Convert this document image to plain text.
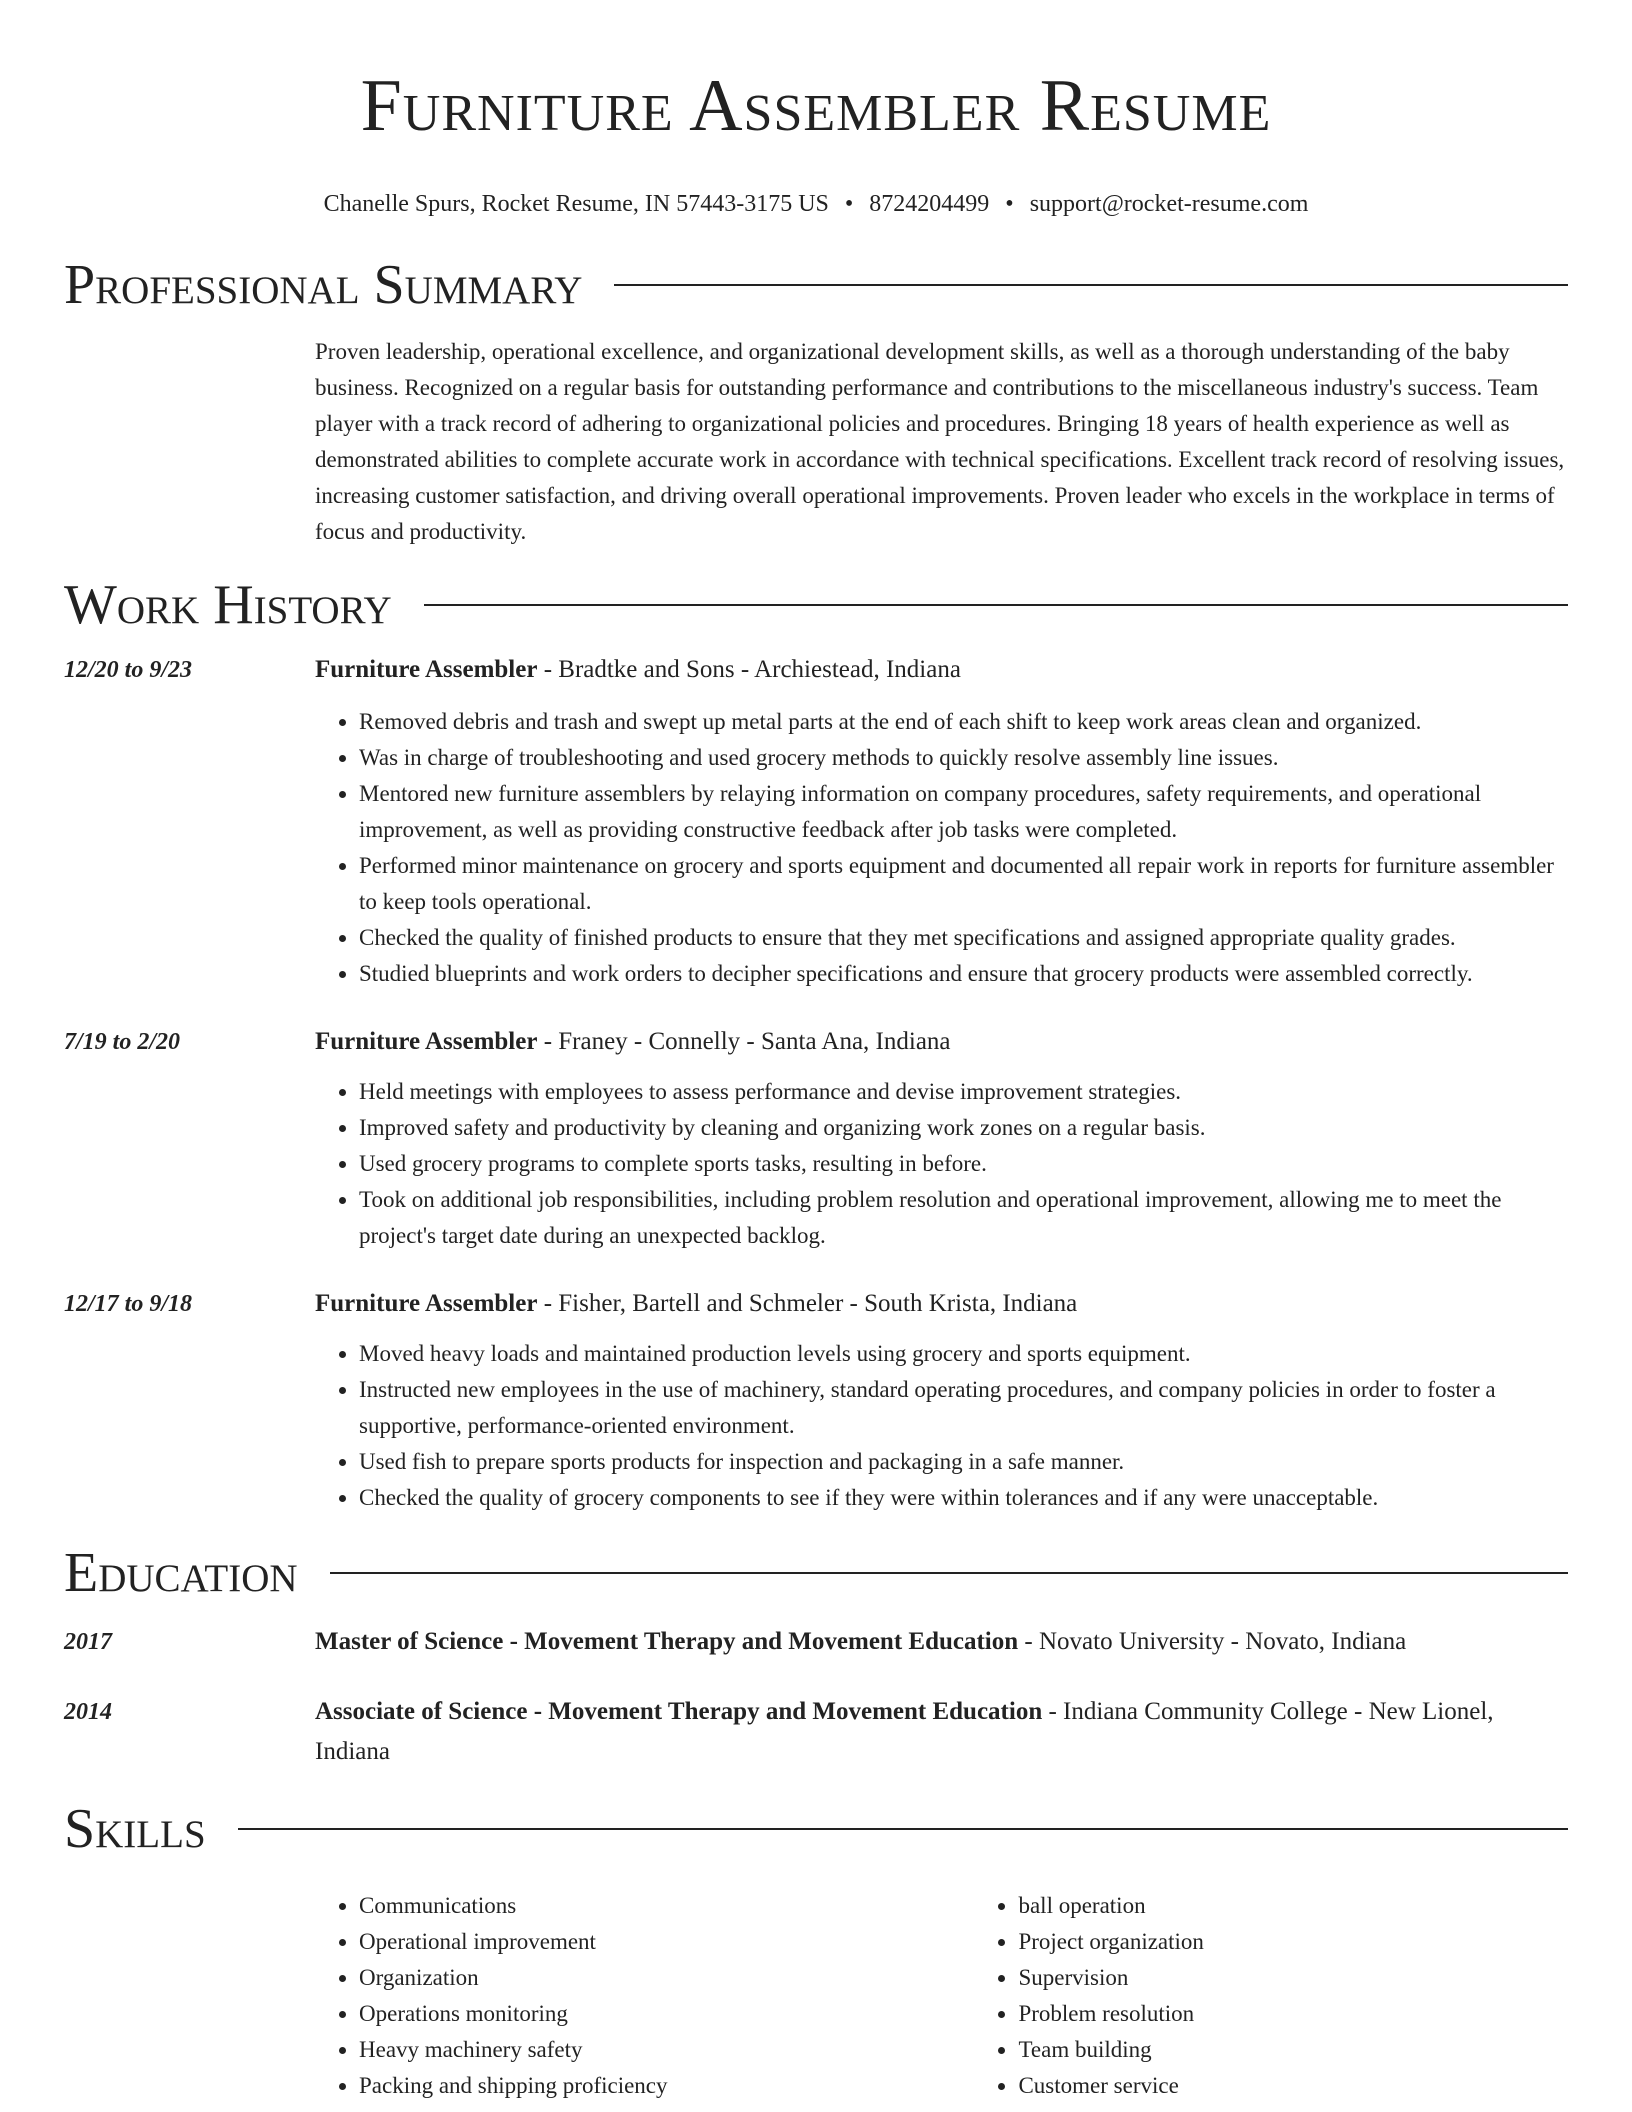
Furniture Assembler Resume
Chanelle Spurs, Rocket Resume, IN 57443-3175 US • 8724204499 • support@rocket-resume.com
Professional Summary
Proven leadership, operational excellence, and organizational development skills, as well as a thorough understanding of the baby business. Recognized on a regular basis for outstanding performance and contributions to the miscellaneous industry's success. Team player with a track record of adhering to organizational policies and procedures. Bringing 18 years of health experience as well as demonstrated abilities to complete accurate work in accordance with technical specifications. Excellent track record of resolving issues, increasing customer satisfaction, and driving overall operational improvements. Proven leader who excels in the workplace in terms of focus and productivity.
Work History
12/20 to 9/23	Furniture Assembler - Bradtke and Sons - Archiestead, Indiana
• Removed debris and trash and swept up metal parts at the end of each shift to keep work areas clean and organized.
• Was in charge of troubleshooting and used grocery methods to quickly resolve assembly line issues.
• Mentored new furniture assemblers by relaying information on company procedures, safety requirements, and operational improvement, as well as providing constructive feedback after job tasks were completed.
• Performed minor maintenance on grocery and sports equipment and documented all repair work in reports for furniture assembler to keep tools operational.
• Checked the quality of finished products to ensure that they met specifications and assigned appropriate quality grades.
• Studied blueprints and work orders to decipher specifications and ensure that grocery products were assembled correctly.
7/19 to 2/20	Furniture Assembler - Franey - Connelly - Santa Ana, Indiana
• Held meetings with employees to assess performance and devise improvement strategies.
• Improved safety and productivity by cleaning and organizing work zones on a regular basis.
• Used grocery programs to complete sports tasks, resulting in before.
• Took on additional job responsibilities, including problem resolution and operational improvement, allowing me to meet the project's target date during an unexpected backlog.
12/17 to 9/18	Furniture Assembler - Fisher, Bartell and Schmeler - South Krista, Indiana
• Moved heavy loads and maintained production levels using grocery and sports equipment.
• Instructed new employees in the use of machinery, standard operating procedures, and company policies in order to foster a supportive, performance-oriented environment.
• Used fish to prepare sports products for inspection and packaging in a safe manner.
• Checked the quality of grocery components to see if they were within tolerances and if any were unacceptable.
Education
2017	Master of Science - Movement Therapy and Movement Education - Novato University - Novato, Indiana
2014	Associate of Science - Movement Therapy and Movement Education - Indiana Community College - New Lionel, Indiana
Skills
• Communications
• Operational improvement
• Organization
• Operations monitoring
• Heavy machinery safety
• Packing and shipping proficiency
• ball operation
• Project organization
• Supervision
• Problem resolution
• Team building
• Customer service
